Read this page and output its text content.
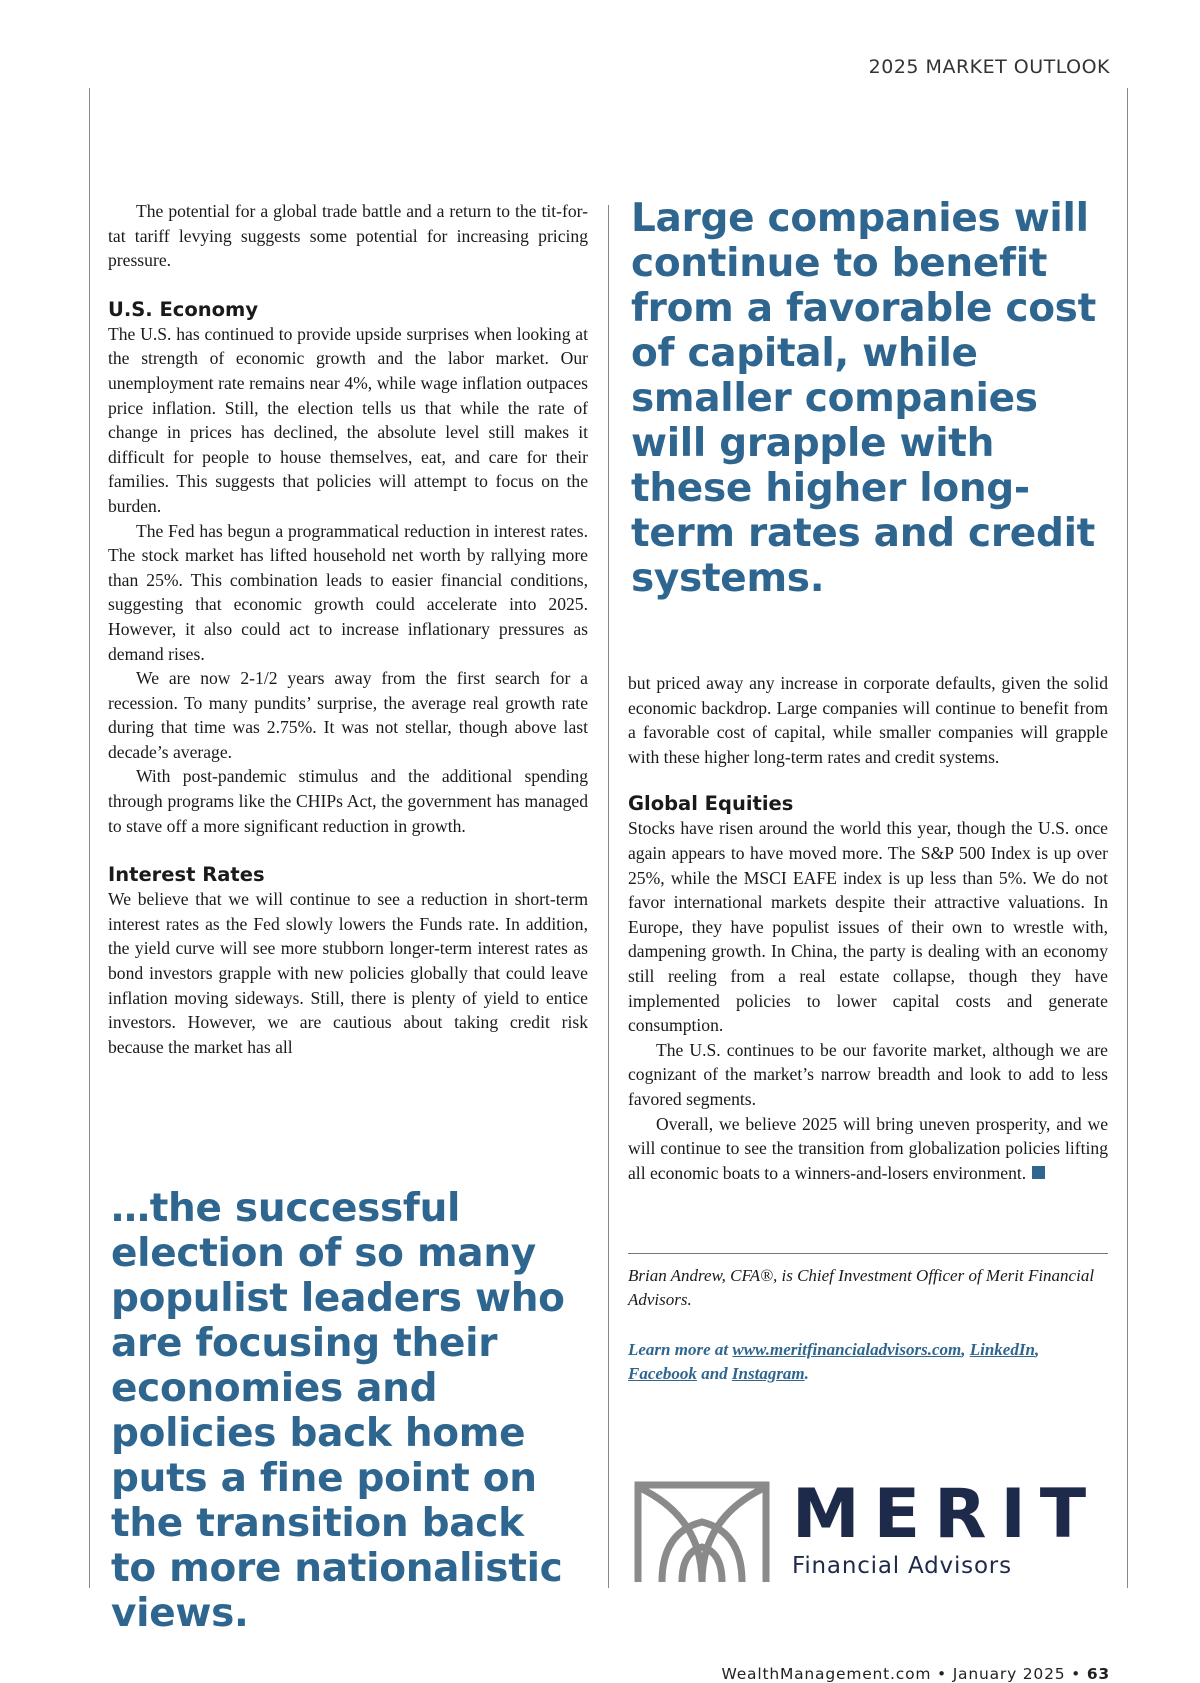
2025 MARKET OUTLOOK

The potential for a global trade battle and a return to the tit-for-tat tariff levying suggests some potential for increasing pricing pressure.

U.S. Economy

The U.S. has continued to provide upside surprises when looking at the strength of economic growth and the labor market. Our unemployment rate remains near 4%, while wage inflation outpaces price inflation. Still, the election tells us that while the rate of change in prices has declined, the absolute level still makes it difficult for people to house themselves, eat, and care for their families. This suggests that policies will attempt to focus on the burden.

The Fed has begun a programmatical reduction in interest rates. The stock market has lifted household net worth by rallying more than 25%. This combination leads to easier financial conditions, suggesting that economic growth could accelerate into 2025. However, it also could act to increase inflationary pressures as demand rises.

We are now 2-1/2 years away from the first search for a recession. To many pundits’ surprise, the average real growth rate during that time was 2.75%. It was not stellar, though above last decade’s average.

With post-pandemic stimulus and the additional spending through programs like the CHIPs Act, the government has managed to stave off a more significant reduction in growth.

Interest Rates

We believe that we will continue to see a reduction in short-term interest rates as the Fed slowly lowers the Funds rate. In addition, the yield curve will see more stubborn longer-term interest rates as bond investors grapple with new policies globally that could leave inflation moving sideways. Still, there is plenty of yield to entice investors. However, we are cautious about taking credit risk because the market has all

…the successful election of so many populist leaders who are focusing their economies and policies back home puts a fine point on the transition back to more nationalistic views.
Large companies will continue to benefit from a favorable cost of capital, while smaller companies will grapple with these higher long-term rates and credit systems.

but priced away any increase in corporate defaults, given the solid economic backdrop. Large companies will continue to benefit from a favorable cost of capital, while smaller companies will grapple with these higher long-term rates and credit systems.

Global Equities

Stocks have risen around the world this year, though the U.S. once again appears to have moved more. The S&P 500 Index is up over 25%, while the MSCI EAFE index is up less than 5%. We do not favor international markets despite their attractive valuations. In Europe, they have populist issues of their own to wrestle with, dampening growth. In China, the party is dealing with an economy still reeling from a real estate collapse, though they have implemented policies to lower capital costs and generate consumption.

The U.S. continues to be our favorite market, although we are cognizant of the market’s narrow breadth and look to add to less favored segments.

Overall, we believe 2025 will bring uneven prosperity, and we will continue to see the transition from globalization policies lifting all economic boats to a winners-and-losers environment.

Brian Andrew, CFA®, is Chief Investment Officer of Merit Financial Advisors.
Learn more at www.meritfinancialadvisors.com, LinkedIn,
Facebook and Instagram.
MERIT
Financial Advisors
WealthManagement.com • January 2025 • 63
